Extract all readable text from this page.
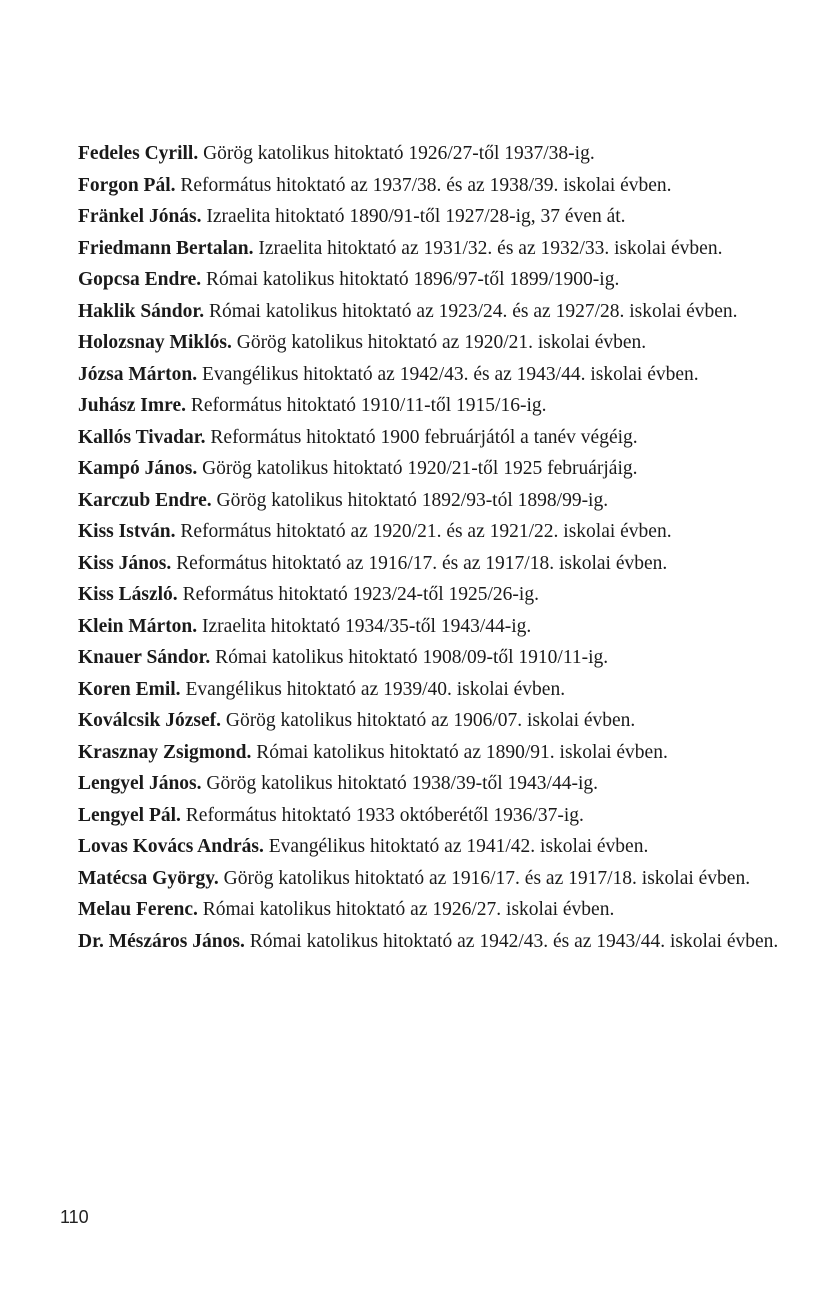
Fedeles Cyrill. Görög katolikus hitoktató 1926/27-től 1937/38-ig.

Forgon Pál. Református hitoktató az 1937/38. és az 1938/39. iskolai évben.

Fränkel Jónás. Izraelita hitoktató 1890/91-től 1927/28-ig, 37 éven át.

Friedmann Bertalan. Izraelita hitoktató az 1931/32. és az 1932/33. iskolai évben.

Gopcsa Endre. Római katolikus hitoktató 1896/97-től 1899/1900-ig.

Haklik Sándor. Római katolikus hitoktató az 1923/24. és az 1927/28. iskolai évben.

Holozsnay Miklós. Görög katolikus hitoktató az 1920/21. iskolai évben.

Józsa Márton. Evangélikus hitoktató az 1942/43. és az 1943/44. iskolai évben.

Juhász Imre. Református hitoktató 1910/11-től 1915/16-ig.

Kallós Tivadar. Református hitoktató 1900 februárjától a tanév végéig.

Kampó János. Görög katolikus hitoktató 1920/21-től 1925 februárjáig.

Karczub Endre. Görög katolikus hitoktató 1892/93-tól 1898/99-ig.

Kiss István. Református hitoktató az 1920/21. és az 1921/22. iskolai évben.

Kiss János. Református hitoktató az 1916/17. és az 1917/18. iskolai évben.

Kiss László. Református hitoktató 1923/24-től 1925/26-ig.

Klein Márton. Izraelita hitoktató 1934/35-től 1943/44-ig.

Knauer Sándor. Római katolikus hitoktató 1908/09-től 1910/11-ig.

Koren Emil. Evangélikus hitoktató az 1939/40. iskolai évben.

Koválcsik József. Görög katolikus hitoktató az 1906/07. iskolai évben.

Krasznay Zsigmond. Római katolikus hitoktató az 1890/91. iskolai évben.

Lengyel János. Görög katolikus hitoktató 1938/39-től 1943/44-ig.

Lengyel Pál. Református hitoktató 1933 októberétől 1936/37-ig.

Lovas Kovács András. Evangélikus hitoktató az 1941/42. iskolai évben.

Matécsa György. Görög katolikus hitoktató az 1916/17. és az 1917/18. iskolai évben.

Melau Ferenc. Római katolikus hitoktató az 1926/27. iskolai évben.

Dr. Mészáros János. Római katolikus hitoktató az 1942/43. és az 1943/44. iskolai évben.

110
